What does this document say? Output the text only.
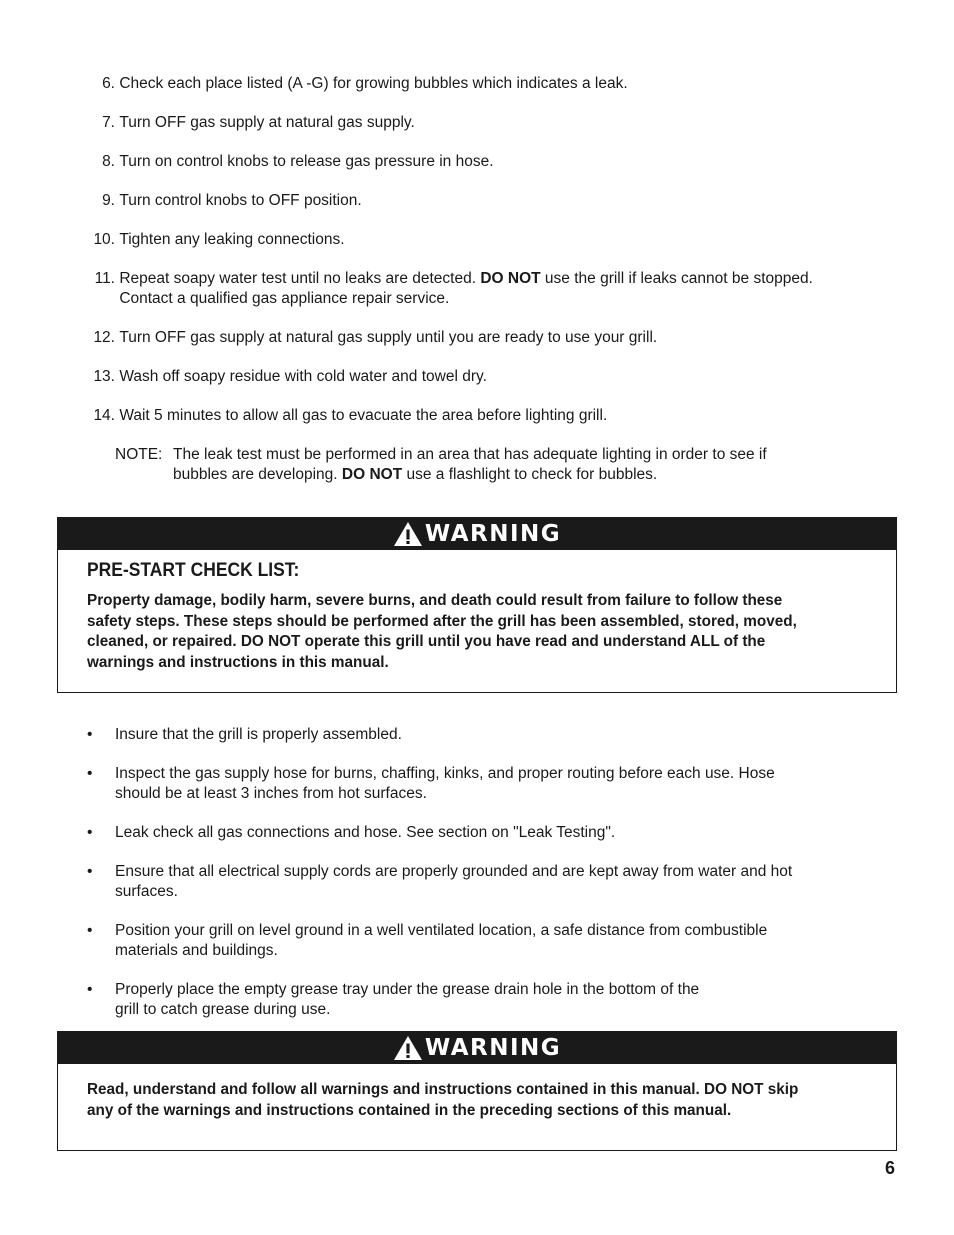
6.
Check each place listed (A -G) for growing bubbles which indicates a leak.
7.
Turn OFF gas supply at natural gas supply.
8.
Turn on control knobs to release gas pressure in hose.
9.
Turn control knobs to OFF position.
10.
Tighten any leaking connections.
11.
Repeat soapy water test until no leaks are detected. DO NOT use the grill if leaks cannot be stopped.
Contact a qualified gas appliance repair service.
12.
Turn OFF gas supply at natural gas supply until you are ready to use your grill.
13.
Wash off soapy residue with cold water and towel dry.
14.
Wait 5 minutes to allow all gas to evacuate the area before lighting grill.
NOTE: The leak test must be performed in an area that has adequate lighting in order to see if
bubbles are developing. DO NOT use a flashlight to check for bubbles.
WARNING
PRE-START CHECK LIST:
Property damage, bodily harm, severe burns, and death could result from failure to follow these
safety steps. These steps should be performed after the grill has been assembled, stored, moved,
cleaned, or repaired. DO NOT operate this grill until you have read and understand ALL of the
warnings and instructions in this manual.
•	Insure that the grill is properly assembled.
•	Inspect the gas supply hose for burns, chaffing, kinks, and proper routing before each use. Hose
should be at least 3 inches from hot surfaces.
•	Leak check all gas connections and hose. See section on "Leak Testing".
•	Ensure that all electrical supply cords are properly grounded and are kept away from water and hot
surfaces.
•	Position your grill on level ground in a well ventilated location, a safe distance from combustible
materials and buildings.
•	Properly place the empty grease tray under the grease drain hole in the bottom of the
grill to catch grease during use.
WARNING
Read, understand and follow all warnings and instructions contained in this manual. DO NOT skip
any of the warnings and instructions contained in the preceding sections of this manual.
6
